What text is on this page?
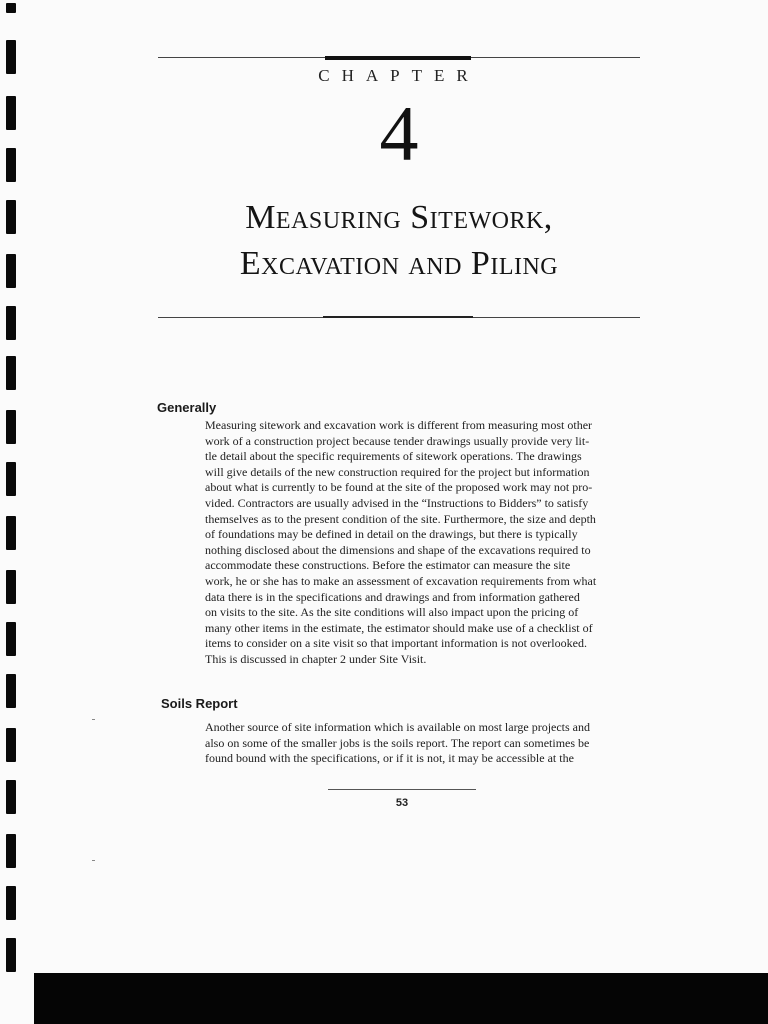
CHAPTER
4
Measuring Sitework,
Excavation and Piling
Generally
Measuring sitework and excavation work is different from measuring most other
work of a construction project because tender drawings usually provide very lit-
tle detail about the specific requirements of sitework operations. The drawings
will give details of the new construction required for the project but information
about what is currently to be found at the site of the proposed work may not pro-
vided. Contractors are usually advised in the “Instructions to Bidders” to satisfy
themselves as to the present condition of the site. Furthermore, the size and depth
of foundations may be defined in detail on the drawings, but there is typically
nothing disclosed about the dimensions and shape of the excavations required to
accommodate these constructions. Before the estimator can measure the site
work, he or she has to make an assessment of excavation requirements from what
data there is in the specifications and drawings and from information gathered
on visits to the site. As the site conditions will also impact upon the pricing of
many other items in the estimate, the estimator should make use of a checklist of
items to consider on a site visit so that important information is not overlooked.
This is discussed in chapter 2 under Site Visit.
Soils Report
Another source of site information which is available on most large projects and
also on some of the smaller jobs is the soils report. The report can sometimes be
found bound with the specifications, or if it is not, it may be accessible at the
53
